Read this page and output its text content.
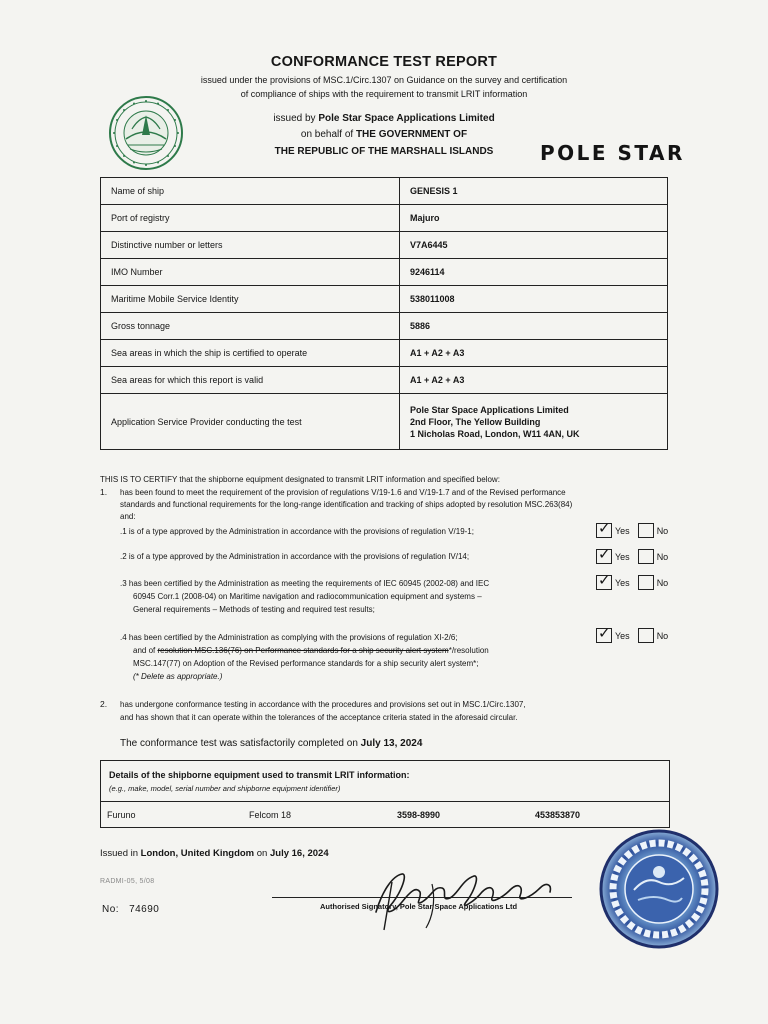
CONFORMANCE TEST REPORT
issued under the provisions of MSC.1/Circ.1307 on Guidance on the survey and certification
of compliance of ships with the requirement to transmit LRIT information
issued by Pole Star Space Applications Limited
on behalf of THE GOVERNMENT OF
THE REPUBLIC OF THE MARSHALL ISLANDS	POLE STAR
Name of ship	GENESIS 1
Port of registry	Majuro
Distinctive number or letters	V7A6445
IMO Number	9246114
Maritime Mobile Service Identity	538011008
Gross tonnage	5886
Sea areas in which the ship is certified to operate	A1 + A2 + A3
Sea areas for which this report is valid	A1 + A2 + A3
Application Service Provider conducting the test	Pole Star Space Applications Limited
2nd Floor, The Yellow Building
1 Nicholas Road, London, W11 4AN, UK
THIS IS TO CERTIFY that the shipborne equipment designated to transmit LRIT information and specified below:
1. has been found to meet the requirement of the provision of regulations V/19-1.6 and V/19-1.7 and of the Revised performance
standards and functional requirements for the long-range identification and tracking of ships adopted by resolution MSC.263(84)
and:
.1 is of a type approved by the Administration in accordance with the provisions of regulation V/19-1;	✓ Yes	No
.2 is of a type approved by the Administration in accordance with the provisions of regulation IV/14;	✓ Yes	No
.3 has been certified by the Administration as meeting the requirements of IEC 60945 (2002-08) and IEC
60945 Corr.1 (2008-04) on Maritime navigation and radiocommunication equipment and systems –
General requirements – Methods of testing and required test results;
✓ Yes	No
.4 has been certified by the Administration as complying with the provisions of regulation XI-2/6;
and of resolution MSC.136(76) on Performance standards for a ship security alert system*/resolution
MSC.147(77) on Adoption of the Revised performance standards for a ship security alert system*;
(* Delete as appropriate.)
✓ Yes	No
2. has undergone conformance testing in accordance with the procedures and provisions set out in MSC.1/Circ.1307,
and has shown that it can operate within the tolerances of the acceptance criteria stated in the aforesaid circular.
The conformance test was satisfactorily completed on July 13, 2024
Details of the shipborne equipment used to transmit LRIT information:
(e.g., make, model, serial number and shipborne equipment identifier)
Furuno	Felcom 18	3598-8990	453853870
Issued in London, United Kingdom on July 16, 2024
RADMI-05, 5/08
No: 74690	Authorised Signatory, Pole Star Space Applications Ltd
